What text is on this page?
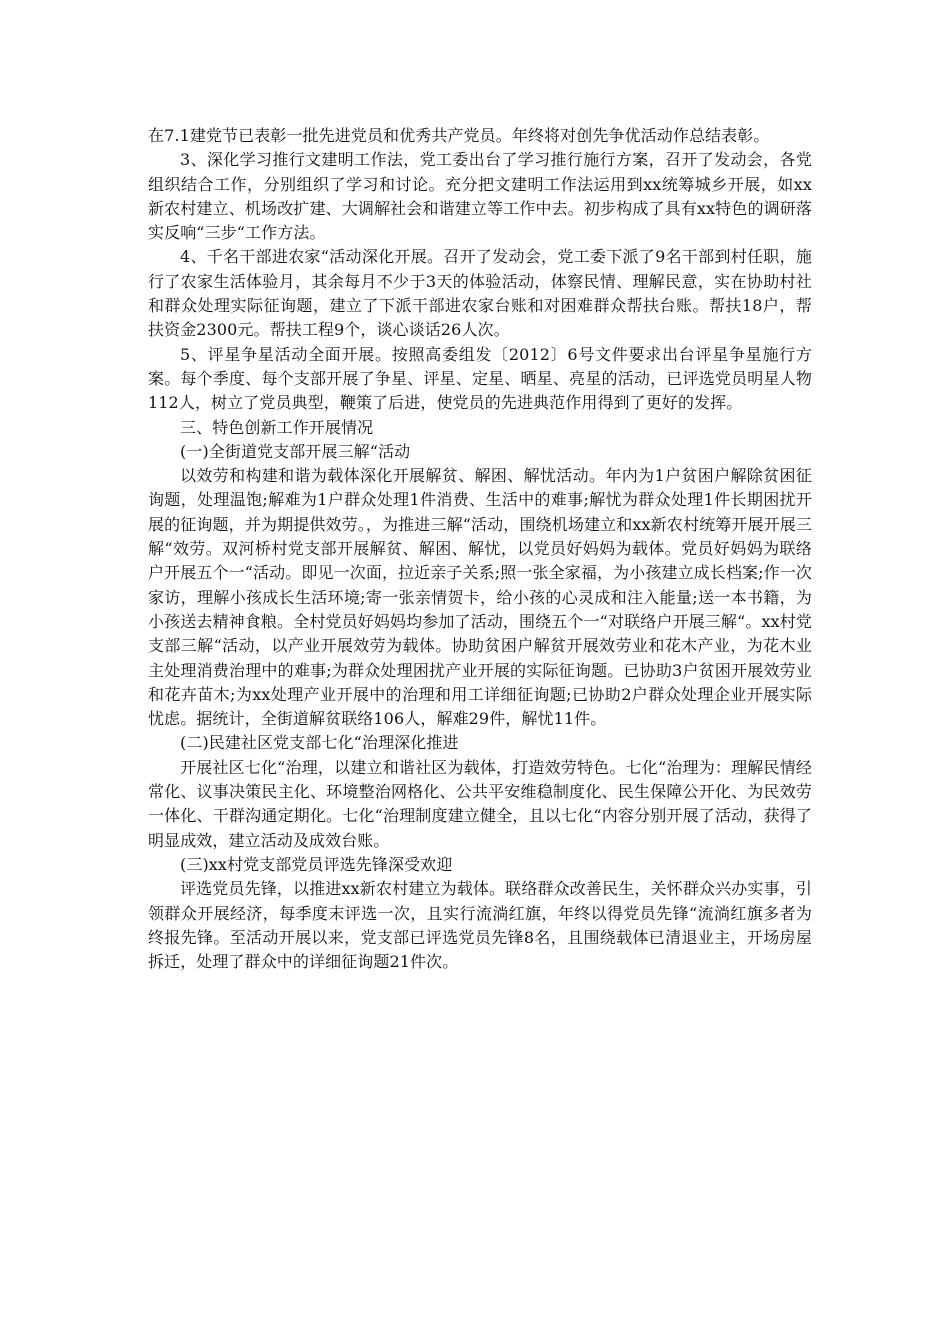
在7.1建党节已表彰一批先进党员和优秀共产党员。年终将对创先争优活动作总结表彰。

3、深化学习推行文建明工作法，党工委出台了学习推行施行方案，召开了发动会，各党组织结合工作，分别组织了学习和讨论。充分把文建明工作法运用到xx统筹城乡开展，如xx新农村建立、机场改扩建、大调解社会和谐建立等工作中去。初步构成了具有xx特色的调研落实反响“三步“工作方法。

4、千名干部进农家“活动深化开展。召开了发动会，党工委下派了9名干部到村任职，施行了农家生活体验月，其余每月不少于3天的体验活动，体察民情、理解民意，实在协助村社和群众处理实际征询题，建立了下派干部进农家台账和对困难群众帮扶台账。帮扶18户，帮扶资金2300元。帮扶工程9个，谈心谈话26人次。

5、评星争星活动全面开展。按照高委组发〔2012〕6号文件要求出台评星争星施行方案。每个季度、每个支部开展了争星、评星、定星、晒星、亮星的活动，已评选党员明星人物112人，树立了党员典型，鞭策了后进，使党员的先进典范作用得到了更好的发挥。

三、特色创新工作开展情况

(一)全街道党支部开展三解“活动

以效劳和构建和谐为载体深化开展解贫、解困、解忧活动。年内为1户贫困户解除贫困征询题，处理温饱;解难为1户群众处理1件消费、生活中的难事;解忧为群众处理1件长期困扰开展的征询题，并为期提供效劳。，为推进三解“活动，围绕机场建立和xx新农村统筹开展开展三解“效劳。双河桥村党支部开展解贫、解困、解忧，以党员好妈妈为载体。党员好妈妈为联络户开展五个一“活动。即见一次面，拉近亲子关系;照一张全家福，为小孩建立成长档案;作一次家访，理解小孩成长生活环境;寄一张亲情贺卡，给小孩的心灵成和注入能量;送一本书籍，为小孩送去精神食粮。全村党员好妈妈均参加了活动，围绕五个一“对联络户开展三解“。xx村党支部三解“活动，以产业开展效劳为载体。协助贫困户解贫开展效劳业和花木产业，为花木业主处理消费治理中的难事;为群众处理困扰产业开展的实际征询题。已协助3户贫困开展效劳业和花卉苗木;为xx处理产业开展中的治理和用工详细征询题;已协助2户群众处理企业开展实际忧虑。据统计，全街道解贫联络106人，解难29件，解忧11件。

(二)民建社区党支部七化“治理深化推进

开展社区七化“治理，以建立和谐社区为载体，打造效劳特色。七化“治理为：理解民情经常化、议事决策民主化、环境整治网格化、公共平安维稳制度化、民生保障公开化、为民效劳一体化、干群沟通定期化。七化“治理制度建立健全，且以七化“内容分别开展了活动，获得了明显成效，建立活动及成效台账。

(三)xx村党支部党员评选先锋深受欢迎

评选党员先锋，以推进xx新农村建立为载体。联络群众改善民生，关怀群众兴办实事，引领群众开展经济，每季度末评选一次，且实行流淌红旗，年终以得党员先锋“流淌红旗多者为终报先锋。至活动开展以来，党支部已评选党员先锋8名，且围绕载体已清退业主，开场房屋拆迁，处理了群众中的详细征询题21件次。
